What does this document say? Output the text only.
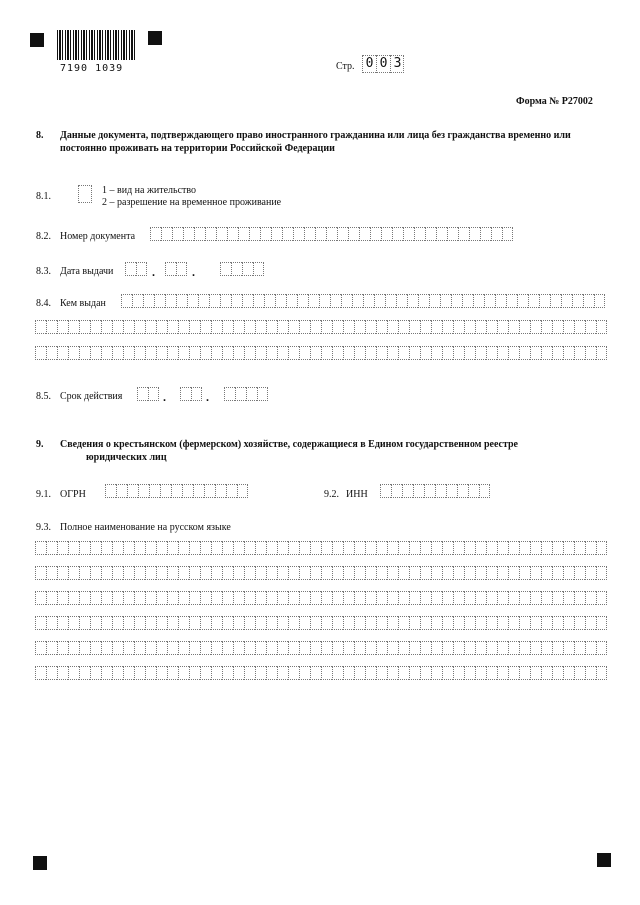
7190 1039	Стр. 0 0 3
Форма № Р27002
8. Данные документа, подтверждающего право иностранного гражданина или лица без гражданства временно или
постоянно проживать на территории Российской Федерации
8.1.
1 – вид на жительство
2 – разрешение на временное проживание
8.2. Номер документа
8.3. Дата выдачи	.	.
8.4. Кем выдан
8.5. Срок действия	.	.
9. Сведения о крестьянском (фермерском) хозяйстве, содержащиеся в Едином государственном реестре
юридических лиц
9.1. ОГРН	9.2. ИНН
9.3. Полное наименование на русском языке
